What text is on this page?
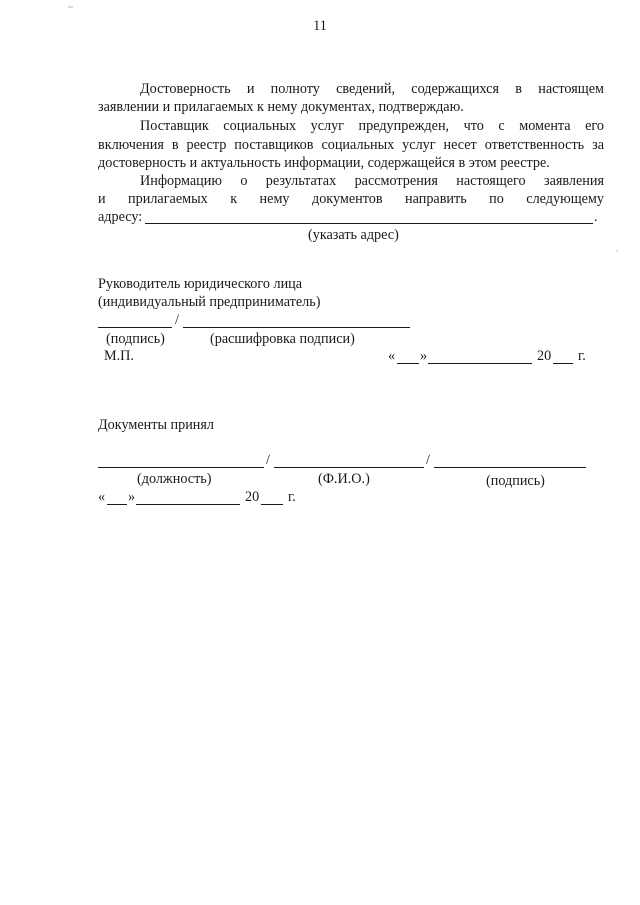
11
Достоверность и полноту сведений, содержащихся в настоящем
заявлении и прилагаемых к нему документах, подтверждаю.
Поставщик социальных услуг предупрежден, что с момента его
включения в реестр поставщиков социальных услуг несет ответственность за
достоверность и актуальность информации, содержащейся в этом реестре.
Информацию о результатах рассмотрения настоящего заявления
и прилагаемых к нему документов направить по следующему
адресу:	.
(указать адрес)
Руководитель юридического лица
(индивидуальный предприниматель)
/
(подпись)	(расшифровка подписи)
М.П.	« »	20 г.
Документы принял
/	/
(должность)	(Ф.И.О.)	(подпись)
« »	20 г.
